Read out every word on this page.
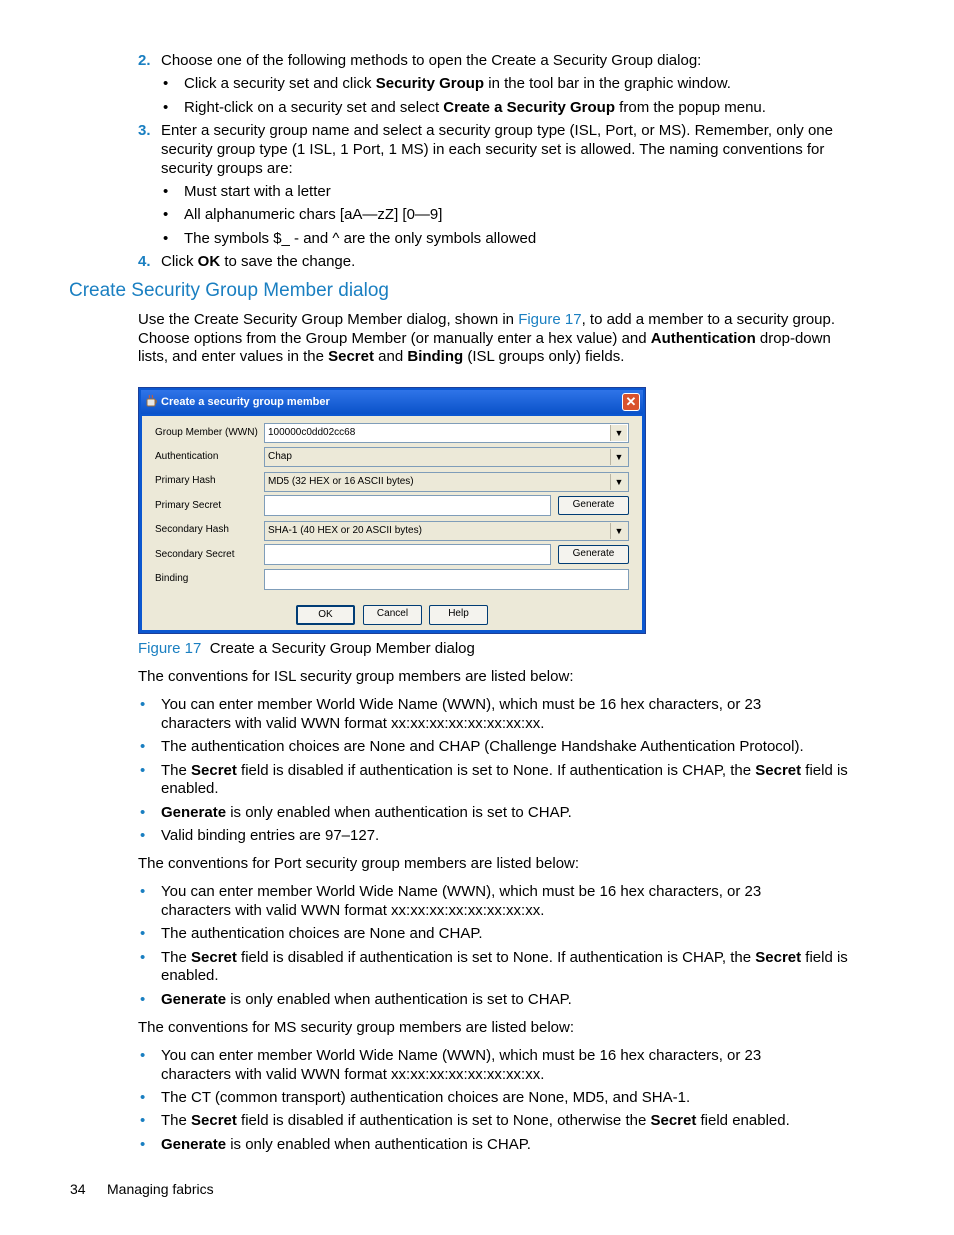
2. Choose one of the following methods to open the Create a Security Group dialog:
• Click a security set and click Security Group in the tool bar in the graphic window.
• Right-click on a security set and select Create a Security Group from the popup menu.
3. Enter a security group name and select a security group type (ISL, Port, or MS). Remember, only one
security group type (1 ISL, 1 Port, 1 MS) in each security set is allowed. The naming conventions for
security groups are:
• Must start with a letter
• All alphanumeric chars [aA—zZ] [0—9]
• The symbols $_ - and ^ are the only symbols allowed
4. Click OK to save the change.
Create Security Group Member dialog
Use the Create Security Group Member dialog, shown in Figure 17, to add a member to a security group.
Choose options from the Group Member (or manually enter a hex value) and Authentication drop-down
lists, and enter values in the Secret and Binding (ISL groups only) fields.
Create a security group member	✕
Group Member (WWN)	100000c0dd02cc68	▼
Authentication	Chap	▼
Primary Hash	MD5 (32 HEX or 16 ASCII bytes)	▼
Primary Secret	Generate
Secondary Hash	SHA-1 (40 HEX or 20 ASCII bytes)	▼
Secondary Secret	Generate
Binding
OK	Cancel	Help
Figure 17 Create a Security Group Member dialog
The conventions for ISL security group members are listed below:
• You can enter member World Wide Name (WWN), which must be 16 hex characters, or 23
characters with valid WWN format xx:xx:xx:xx:xx:xx:xx:xx.
• The authentication choices are None and CHAP (Challenge Handshake Authentication Protocol).
• The Secret field is disabled if authentication is set to None. If authentication is CHAP, the Secret field is
enabled.
• Generate is only enabled when authentication is set to CHAP.
• Valid binding entries are 97–127.
The conventions for Port security group members are listed below:
• You can enter member World Wide Name (WWN), which must be 16 hex characters, or 23
characters with valid WWN format xx:xx:xx:xx:xx:xx:xx:xx.
• The authentication choices are None and CHAP.
• The Secret field is disabled if authentication is set to None. If authentication is CHAP, the Secret field is
enabled.
• Generate is only enabled when authentication is set to CHAP.
The conventions for MS security group members are listed below:
• You can enter member World Wide Name (WWN), which must be 16 hex characters, or 23
characters with valid WWN format xx:xx:xx:xx:xx:xx:xx:xx.
• The CT (common transport) authentication choices are None, MD5, and SHA-1.
• The Secret field is disabled if authentication is set to None, otherwise the Secret field enabled.
• Generate is only enabled when authentication is CHAP.
34 Managing fabrics
